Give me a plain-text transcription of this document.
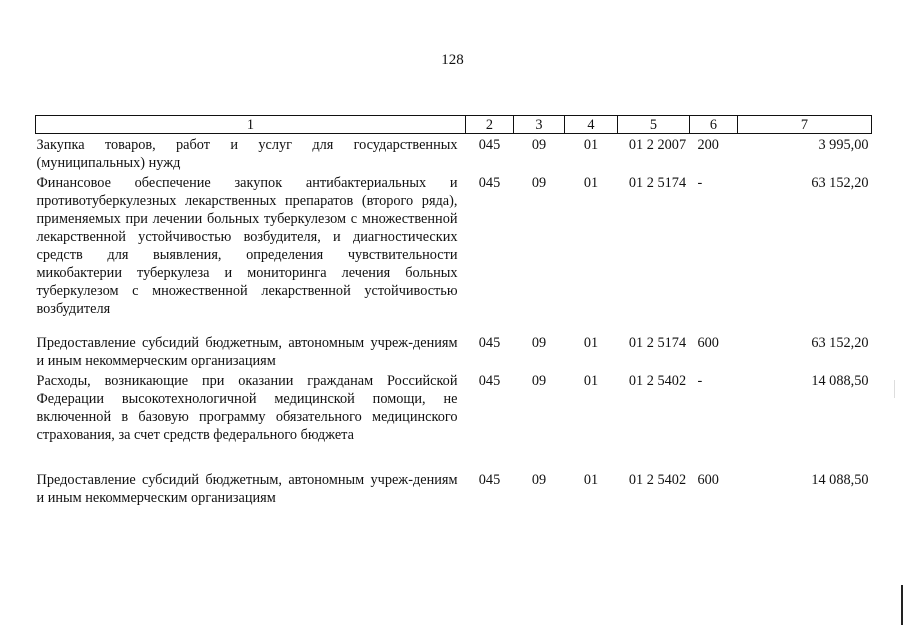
128
1	2	3	4	5	6	7
Закупка товаров, работ и услуг для государственных (муниципальных) нужд	045	09	01	01 2 2007	200	3 995,00
Финансовое обеспечение закупок антибактериальных и противотуберкулезных лекарственных препаратов (второго ряда), применяемых при лечении больных туберкулезом с множественной лекарственной устойчивостью возбудителя, и диагностических средств для выявления, определения чувствительности микобактерии туберкулеза и мониторинга лечения больных туберкулезом с множественной лекарственной устойчивостью возбудителя	045	09	01	01 2 5174	-	63 152,20
Предоставление субсидий бюджетным, автономным учреж-дениям и иным некоммерческим организациям	045	09	01	01 2 5174	600	63 152,20
Расходы, возникающие при оказании гражданам Российской Федерации высокотехнологичной медицинской помощи, не включенной в базовую программу обязательного медицинского страхования, за счет средств федерального бюджета	045	09	01	01 2 5402	-	14 088,50
Предоставление субсидий бюджетным, автономным учреж-дениям и иным некоммерческим организациям	045	09	01	01 2 5402	600	14 088,50
